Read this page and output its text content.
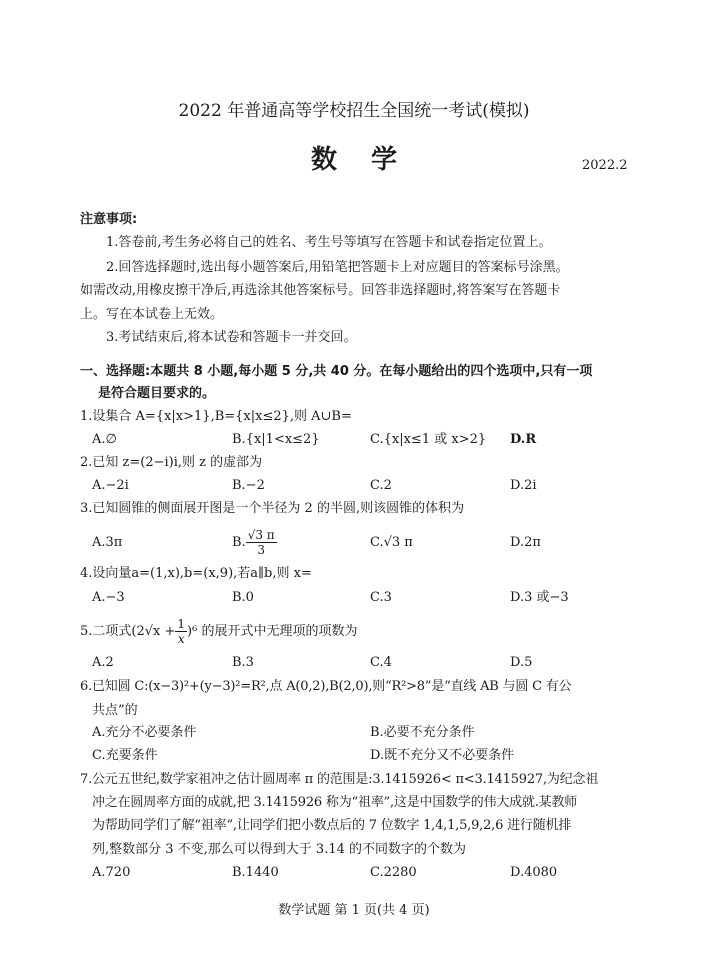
2022 年普通高等学校招生全国统一考试(模拟)
数学	2022.2
注意事项:
1.答卷前,考生务必将自己的姓名、考生号等填写在答题卡和试卷指定位置上。
2.回答选择题时,选出每小题答案后,用铅笔把答题卡上对应题目的答案标号涂黑。
如需改动,用橡皮擦干净后,再选涂其他答案标号。回答非选择题时,将答案写在答题卡
上。写在本试卷上无效。
3.考试结束后,将本试卷和答题卡一并交回。
一、选择题:本题共 8 小题,每小题 5 分,共 40 分。在每小题给出的四个选项中,只有一项
是符合题目要求的。
1.设集合 A={x|x>1},B={x|x≤2},则 A∪B=
A.∅	B.{x|1<x≤2}	C.{x|x≤1 或 x>2} D.R
2.已知 z=(2−i)i,则 z 的虚部为
A.−2i	B.−2	C.2	D.2i
3.已知圆锥的侧面展开图是一个半径为 2 的半圆,则该圆锥的体积为
A.3π	B. $\frac{√3 \pi}{3}$	C.√3 π	D.2π
4.设向量a=(1,x),b=(x,9),若a∥b,则 x=
A.−3	B.0	C.3	D.3 或−3
5.二项式$(2√x + \frac{1}{x} )^6$ 的展开式中无理项的项数为
A.2	B.3	C.4	D.5
6.已知圆 C:(x−3)²+(y−3)²=R²,点 A(0,2),B(2,0),则“R²>8”是“直线 AB 与圆 C 有公
共点”的
A.充分不必要条件	B.必要不充分条件
C.充要条件	D.既不充分又不必要条件
7.公元五世纪,数学家祖冲之估计圆周率 π 的范围是:3.1415926< π<3.1415927,为纪念祖
冲之在圆周率方面的成就,把 3.1415926 称为“祖率”,这是中国数学的伟大成就.某教师
为帮助同学们了解“祖率”,让同学们把小数点后的 7 位数字 1,4,1,5,9,2,6 进行随机排
列,整数部分 3 不变,那么可以得到大于 3.14 的不同数字的个数为
A.720	B.1440	C.2280	D.4080
数学试题 第 1 页(共 4 页)
